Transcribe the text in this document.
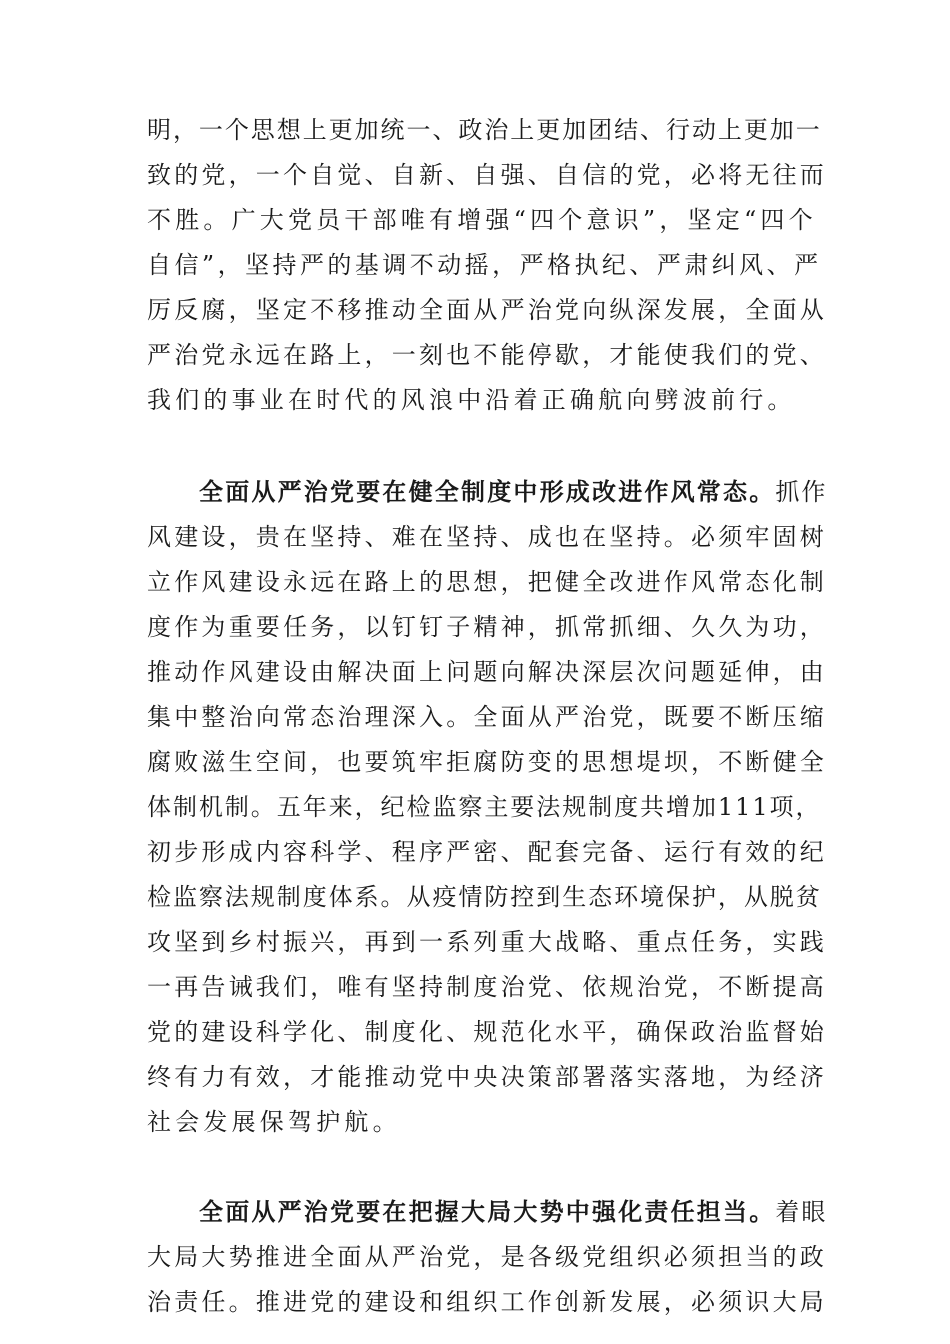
明，一个思想上更加统一、政治上更加团结、行动上更加一
致的党，一个自觉、自新、自强、自信的党，必将无往而
不胜。广大党员干部唯有增强“四个意识”，坚定“四个
自信”，坚持严的基调不动摇，严格执纪、严肃纠风、严
厉反腐，坚定不移推动全面从严治党向纵深发展，全面从
严治党永远在路上，一刻也不能停歇，才能使我们的党、
我们的事业在时代的风浪中沿着正确航向劈波前行。
全面从严治党要在健全制度中形成改进作风常态。抓作
风建设，贵在坚持、难在坚持、成也在坚持。必须牢固树
立作风建设永远在路上的思想，把健全改进作风常态化制
度作为重要任务，以钉钉子精神，抓常抓细、久久为功，
推动作风建设由解决面上问题向解决深层次问题延伸，由
集中整治向常态治理深入。全面从严治党，既要不断压缩
腐败滋生空间，也要筑牢拒腐防变的思想堤坝，不断健全
体制机制。五年来，纪检监察主要法规制度共增加111项，
初步形成内容科学、程序严密、配套完备、运行有效的纪
检监察法规制度体系。从疫情防控到生态环境保护，从脱贫
攻坚到乡村振兴，再到一系列重大战略、重点任务，实践
一再告诫我们，唯有坚持制度治党、依规治党，不断提高
党的建设科学化、制度化、规范化水平，确保政治监督始
终有力有效，才能推动党中央决策部署落实落地，为经济
社会发展保驾护航。
全面从严治党要在把握大局大势中强化责任担当。着眼
大局大势推进全面从严治党，是各级党组织必须担当的政
治责任。推进党的建设和组织工作创新发展，必须识大局
